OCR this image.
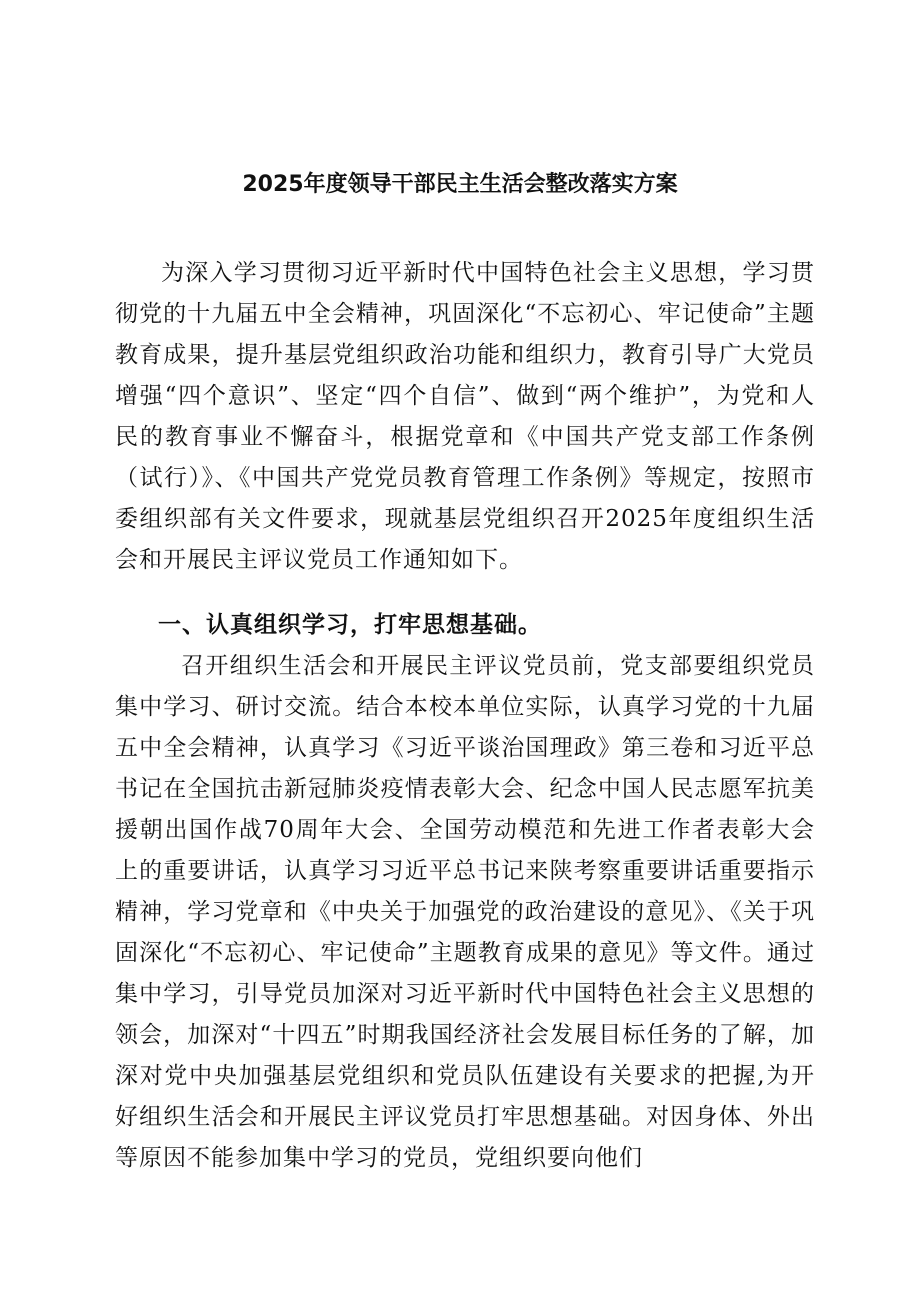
2025年度领导干部民主生活会整改落实方案

为深入学习贯彻习近平新时代中国特色社会主义思想，学习贯彻党的十九届五中全会精神，巩固深化“不忘初心、牢记使命”主题教育成果，提升基层党组织政治功能和组织力，教育引导广大党员增强“四个意识”、坚定“四个自信”、做到“两个维护”，为党和人民的教育事业不懈奋斗，根据党章和《中国共产党支部工作条例（试行）》、《中国共产党党员教育管理工作条例》等规定，按照市委组织部有关文件要求，现就基层党组织召开2025年度组织生活会和开展民主评议党员工作通知如下。

一、认真组织学习，打牢思想基础。

召开组织生活会和开展民主评议党员前，党支部要组织党员集中学习、研讨交流。结合本校本单位实际，认真学习党的十九届五中全会精神，认真学习《习近平谈治国理政》第三卷和习近平总书记在全国抗击新冠肺炎疫情表彰大会、纪念中国人民志愿军抗美援朝出国作战70周年大会、全国劳动模范和先进工作者表彰大会上的重要讲话，认真学习习近平总书记来陕考察重要讲话重要指示精神，学习党章和《中央关于加强党的政治建设的意见》、《关于巩固深化“不忘初心、牢记使命”主题教育成果的意见》等文件。通过集中学习，引导党员加深对习近平新时代中国特色社会主义思想的领会，加深对“十四五”时期我国经济社会发展目标任务的了解，加深对党中央加强基层党组织和党员队伍建设有关要求的把握,为开好组织生活会和开展民主评议党员打牢思想基础。对因身体、外出等原因不能参加集中学习的党员，党组织要向他们
